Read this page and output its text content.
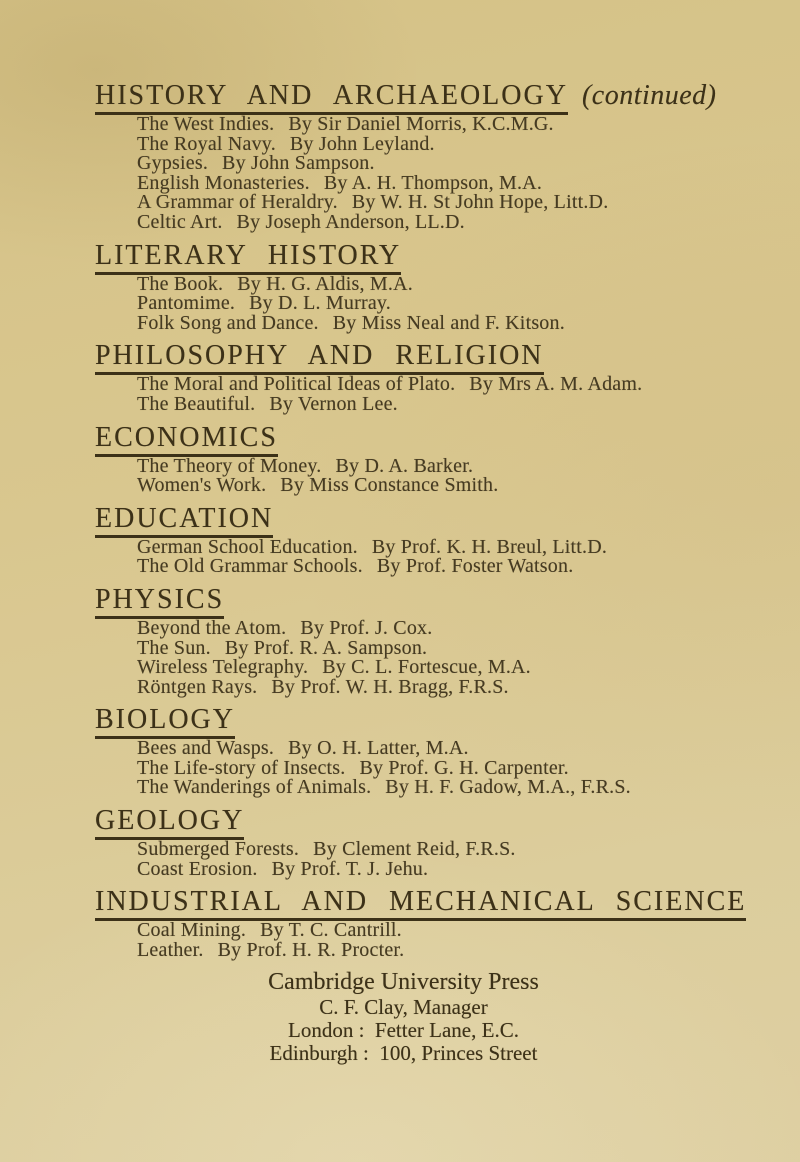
HISTORY AND ARCHAEOLOGY (continued)
The West Indies. By Sir Daniel Morris, K.C.M.G.
The Royal Navy. By John Leyland.
Gypsies. By John Sampson.
English Monasteries. By A. H. Thompson, M.A.
A Grammar of Heraldry. By W. H. St John Hope, Litt.D.
Celtic Art. By Joseph Anderson, LL.D.
LITERARY HISTORY
The Book. By H. G. Aldis, M.A.
Pantomime. By D. L. Murray.
Folk Song and Dance. By Miss Neal and F. Kitson.
PHILOSOPHY AND RELIGION
The Moral and Political Ideas of Plato. By Mrs A. M. Adam.
The Beautiful. By Vernon Lee.
ECONOMICS
The Theory of Money. By D. A. Barker.
Women's Work. By Miss Constance Smith.
EDUCATION
German School Education. By Prof. K. H. Breul, Litt.D.
The Old Grammar Schools. By Prof. Foster Watson.
PHYSICS
Beyond the Atom. By Prof. J. Cox.
The Sun. By Prof. R. A. Sampson.
Wireless Telegraphy. By C. L. Fortescue, M.A.
Röntgen Rays. By Prof. W. H. Bragg, F.R.S.
BIOLOGY
Bees and Wasps. By O. H. Latter, M.A.
The Life-story of Insects. By Prof. G. H. Carpenter.
The Wanderings of Animals. By H. F. Gadow, M.A., F.R.S.
GEOLOGY
Submerged Forests. By Clement Reid, F.R.S.
Coast Erosion. By Prof. T. J. Jehu.
INDUSTRIAL AND MECHANICAL SCIENCE
Coal Mining. By T. C. Cantrill.
Leather. By Prof. H. R. Procter.
Cambridge University Press
C. F. Clay, Manager
London :  Fetter Lane, E.C.
Edinburgh :  100, Princes Street
